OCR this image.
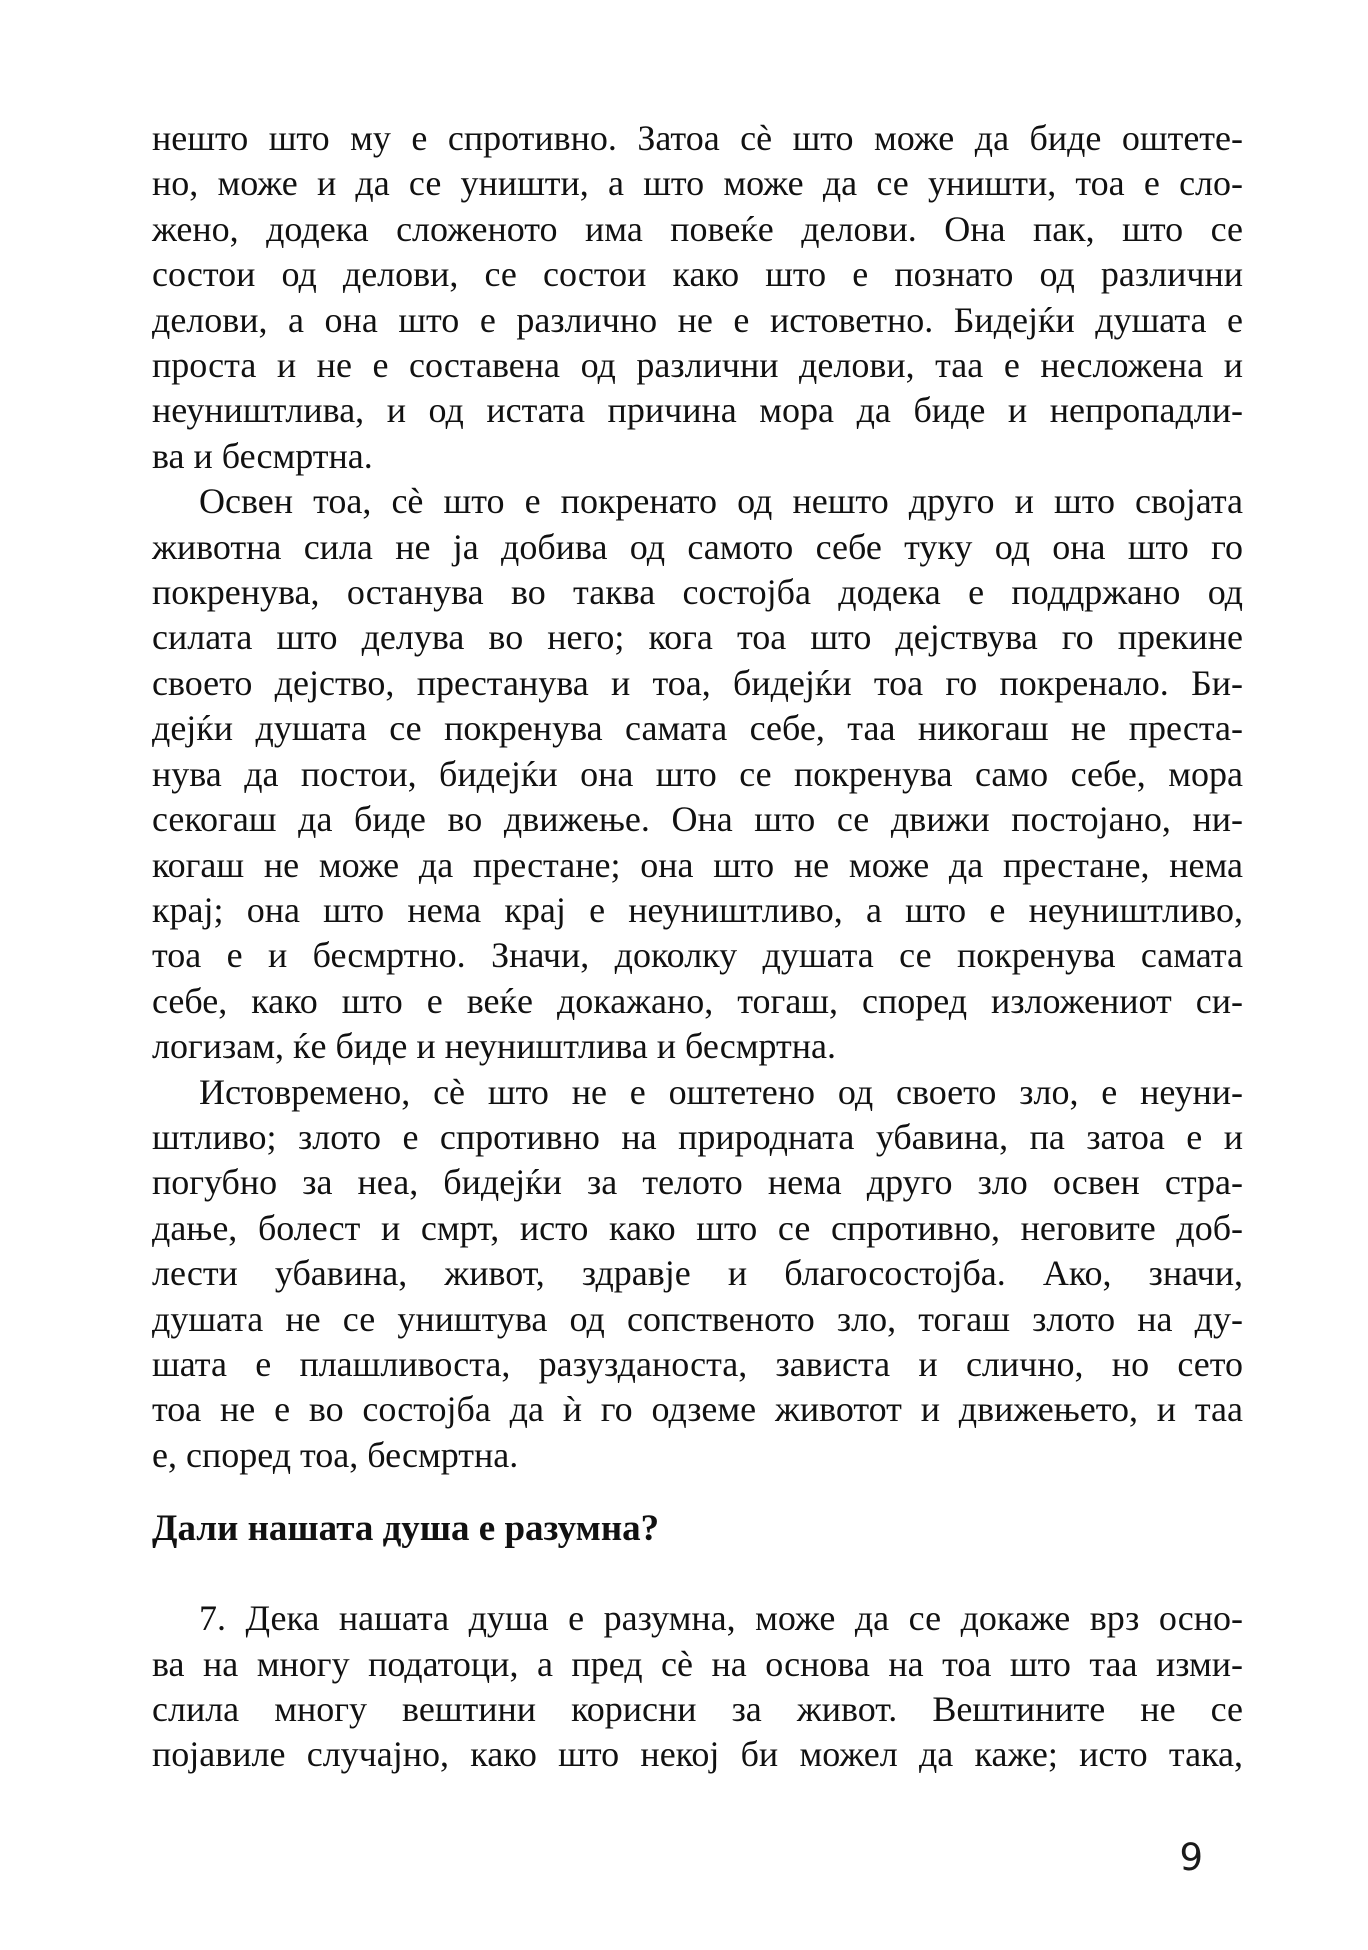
нешто што му е спротивно. Затоа сѐ што може да биде оштете-
но, може и да се уништи, а што може да се уништи, тоа е сло-
жено, додека сложеното има повеќе делови. Она пак, што се
состои од делови, се состои како што е познато од различни
делови, а она што е различно не е истоветно. Бидејќи душата е
проста и не е составена од различни делови, таа е несложена и
неуништлива, и од истата причина мора да биде и непропадли-
ва и бесмртна.
Освен тоа, сѐ што е покренато од нешто друго и што својата
животна сила не ја добива од самото себе туку од она што го
покренува, останува во таква состојба додека е поддржано од
силата што делува во него; кога тоа што дејствува го прекине
своето дејство, престанува и тоа, бидејќи тоа го покренало. Би-
дејќи душата се покренува самата себе, таа никогаш не преста-
нува да постои, бидејќи она што се покренува само себе, мора
секогаш да биде во движење. Она што се движи постојано, ни-
когаш не може да престане; она што не може да престане, нема
крај; она што нема крај е неуништливо, а што е неуништливо,
тоа е и бесмртно. Значи, доколку душата се покренува самата
себе, како што е веќе докажано, тогаш, според изложениот си-
логизам, ќе биде и неуништлива и бесмртна.
Истовремено, сѐ што не е оштетено од своето зло, е неуни-
штливо; злото е спротивно на природната убавина, па затоа е и
погубно за неа, бидејќи за телото нема друго зло освен стра-
дање, болест и смрт, исто како што се спротивно, неговите доб-
лести убавина, живот, здравје и благосостојба. Ако, значи,
душата не се уништува од сопственото зло, тогаш злото на ду-
шата е плашливоста, разузданоста, зависта и слично, но сето
тоа не е во состојба да ѝ го одземе животот и движењето, и таа
е, според тоа, бесмртна.
Дали нашата душа е разумна?
7. Дека нашата душа е разумна, може да се докаже врз осно-
ва на многу податоци, а пред сѐ на основа на тоа што таа изми-
слила многу вештини корисни за живот. Вештините не се
појавиле случајно, како што некој би можел да каже; исто така,
9
